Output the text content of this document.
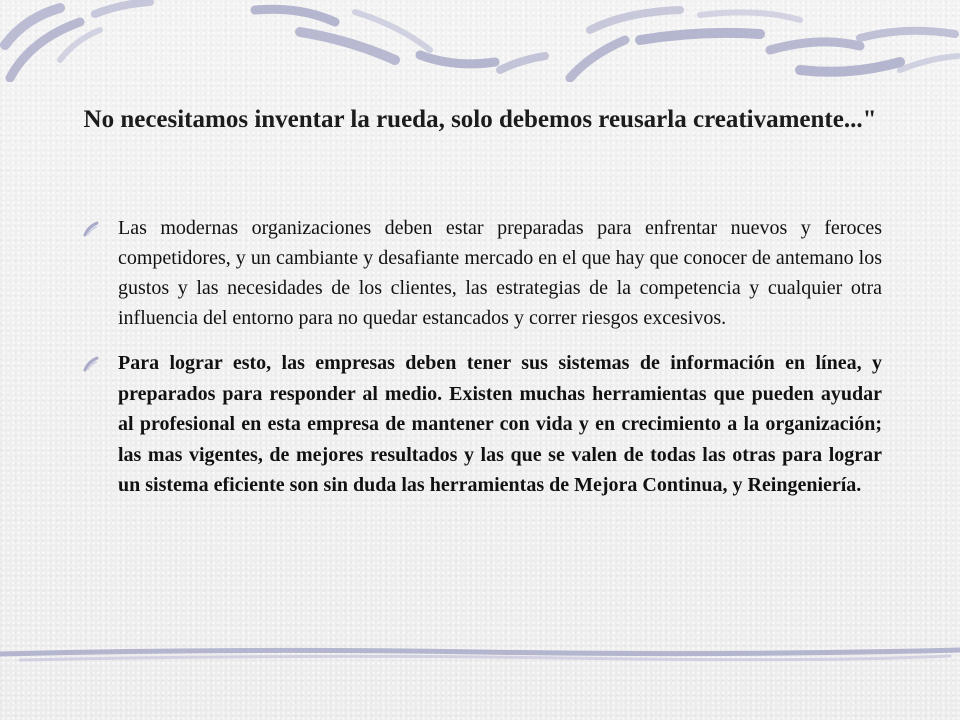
No necesitamos inventar la rueda, solo debemos reusarla creativamente..."
Las modernas organizaciones deben estar preparadas para enfrentar nuevos y feroces competidores, y un cambiante y desafiante mercado en el que hay que conocer de antemano los gustos y las necesidades de los clientes, las estrategias de la competencia y cualquier otra influencia del entorno para no quedar estancados y correr riesgos excesivos.
Para lograr esto, las empresas deben tener sus sistemas de información en línea, y preparados para responder al medio. Existen muchas herramientas que pueden ayudar al profesional en esta empresa de mantener con vida y en crecimiento a la organización; las mas vigentes, de mejores resultados y las que se valen de todas las otras para lograr un sistema eficiente son sin duda las herramientas de Mejora Continua, y Reingeniería.
